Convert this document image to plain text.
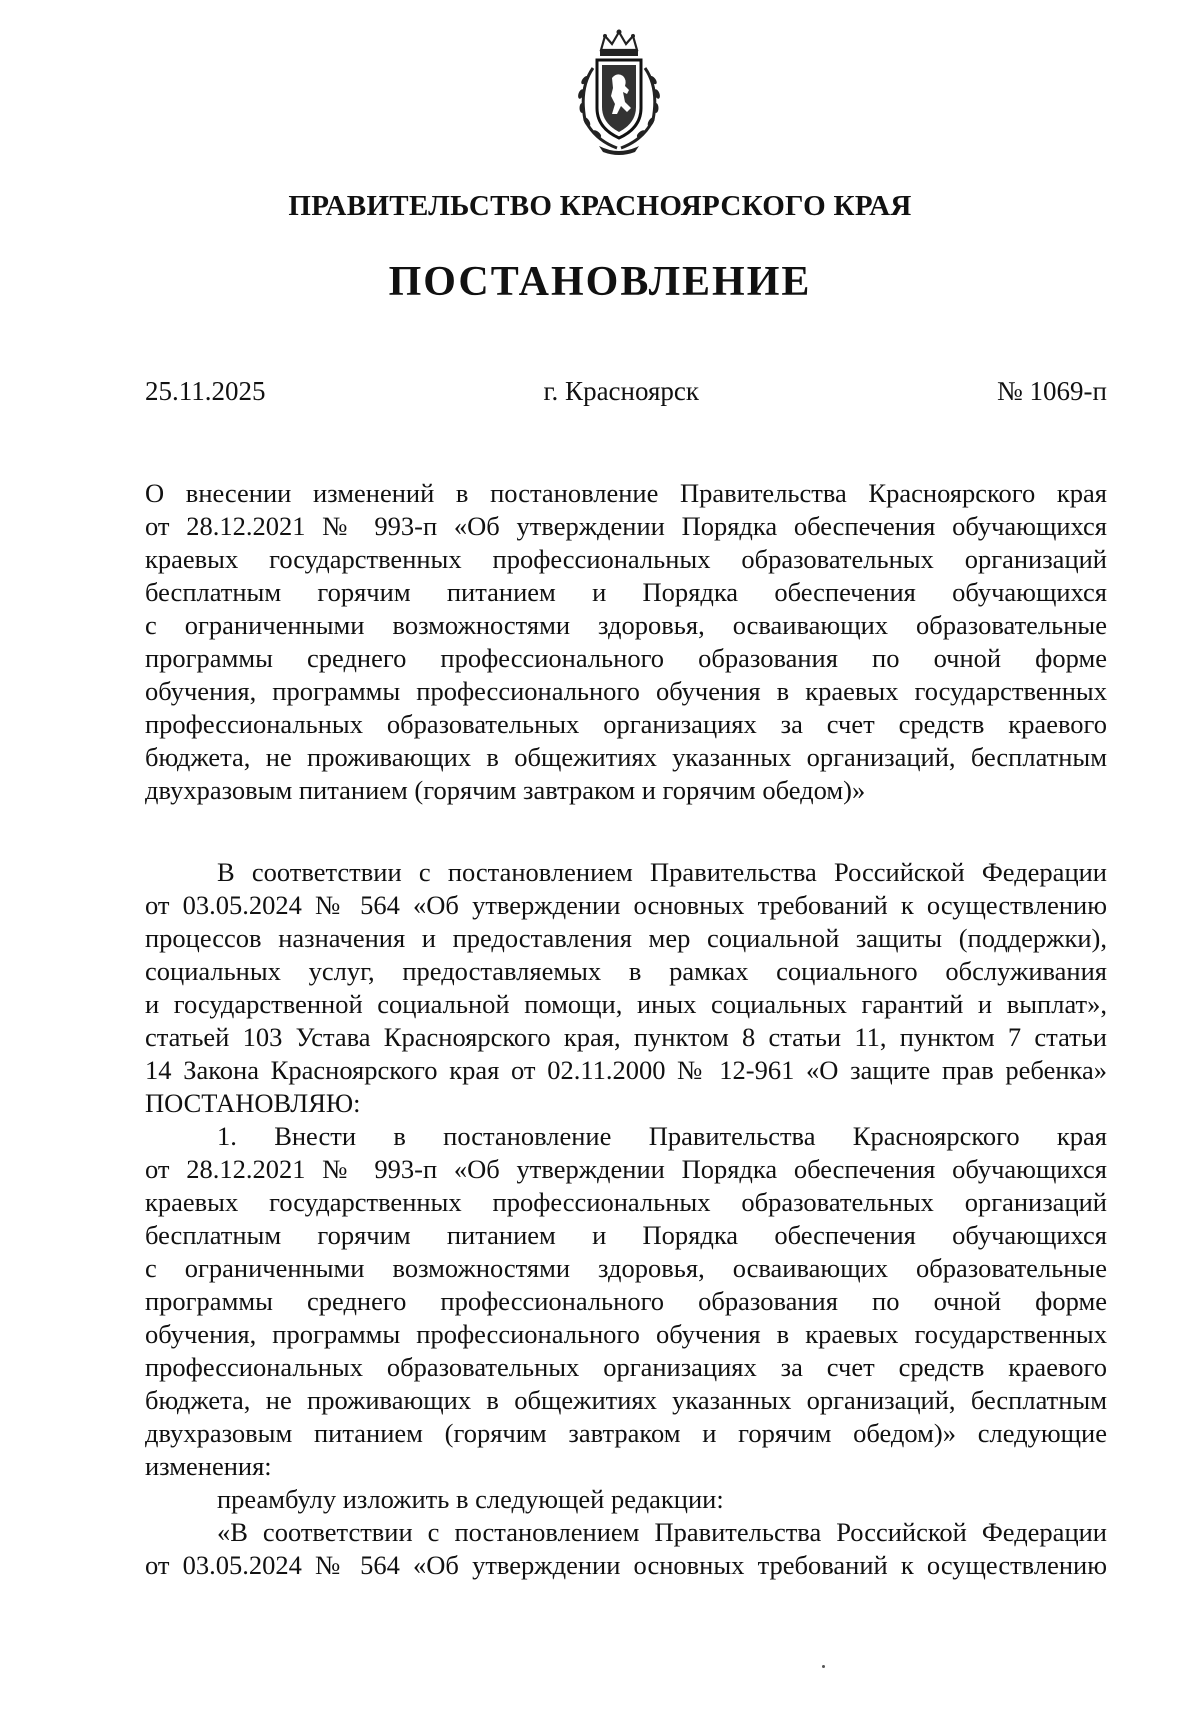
ПРАВИТЕЛЬСТВО КРАСНОЯРСКОГО КРАЯ
ПОСТАНОВЛЕНИЕ
25.11.2025	г. Красноярск	№ 1069-п
О внесении изменений в постановление Правительства Красноярского края
от 28.12.2021 № 993-п «Об утверждении Порядка обеспечения обучающихся
краевых государственных профессиональных образовательных организаций
бесплатным горячим питанием и Порядка обеспечения обучающихся
с ограниченными возможностями здоровья, осваивающих образовательные
программы среднего профессионального образования по очной форме
обучения, программы профессионального обучения в краевых государственных
профессиональных образовательных организациях за счет средств краевого
бюджета, не проживающих в общежитиях указанных организаций, бесплатным
двухразовым питанием (горячим завтраком и горячим обедом)»
В соответствии с постановлением Правительства Российской Федерации
от 03.05.2024 № 564 «Об утверждении основных требований к осуществлению
процессов назначения и предоставления мер социальной защиты (поддержки),
социальных услуг, предоставляемых в рамках социального обслуживания
и государственной социальной помощи, иных социальных гарантий и выплат»,
статьей 103 Устава Красноярского края, пунктом 8 статьи 11, пунктом 7 статьи
14 Закона Красноярского края от 02.11.2000 № 12-961 «О защите прав ребенка»
ПОСТАНОВЛЯЮ:
1. Внести в постановление Правительства Красноярского края
от 28.12.2021 № 993-п «Об утверждении Порядка обеспечения обучающихся
краевых государственных профессиональных образовательных организаций
бесплатным горячим питанием и Порядка обеспечения обучающихся
с ограниченными возможностями здоровья, осваивающих образовательные
программы среднего профессионального образования по очной форме
обучения, программы профессионального обучения в краевых государственных
профессиональных образовательных организациях за счет средств краевого
бюджета, не проживающих в общежитиях указанных организаций, бесплатным
двухразовым питанием (горячим завтраком и горячим обедом)» следующие
изменения:
преамбулу изложить в следующей редакции:
«В соответствии с постановлением Правительства Российской Федерации
от 03.05.2024 № 564 «Об утверждении основных требований к осуществлению
